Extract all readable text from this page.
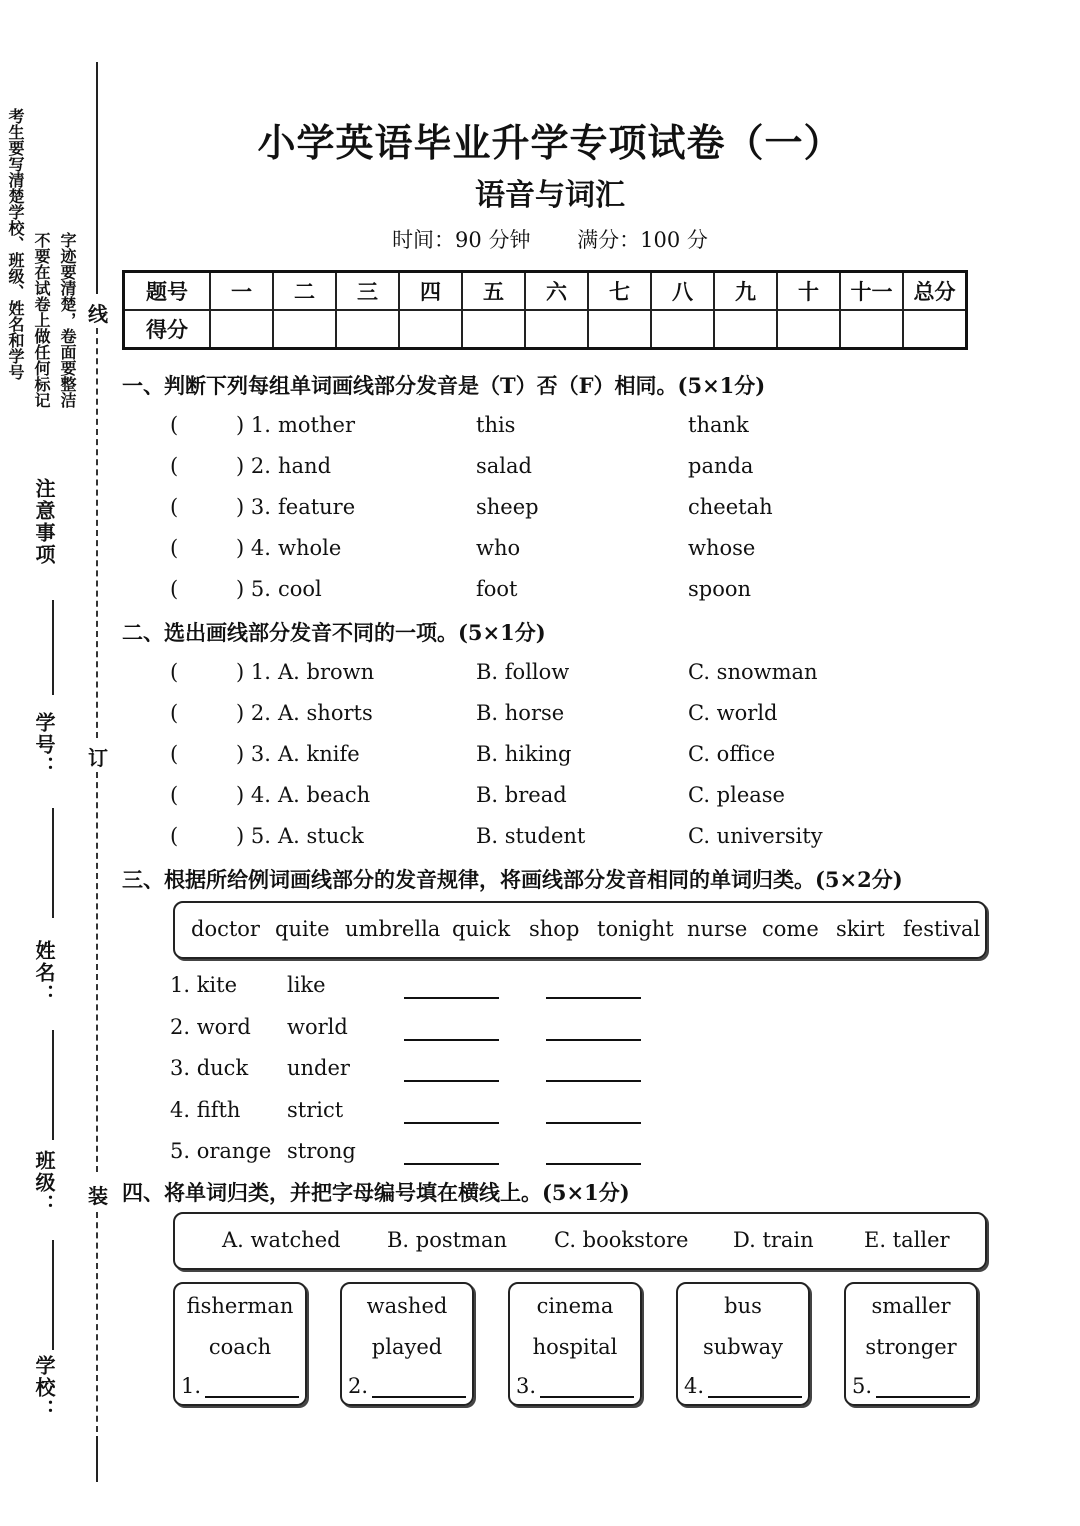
考生要写清楚学校、班级、姓名和学号 不要在试卷上做任何标记 字迹要清楚，卷面要整洁
注意事项
学号：
姓名：
班级：
学校：
线
订
装
小学英语毕业升学专项试卷（一）
语音与词汇
时间：90 分钟 满分：100 分
题号	一	二	三	四	五	六	七	八	九	十	十一	总分
得分												
一、判断下列每组单词画线部分发音是（T）否（F）相同。(5×1分)
(	) 1. mother	this	thank
(	) 2. hand	salad	panda
(	) 3. feature	sheep	cheetah
(	) 4. whole	who	whose
(	) 5. cool	foot	spoon
二、选出画线部分发音不同的一项。(5×1分)
(	) 1. A. brown	B. follow	C. snowman
(	) 2. A. shorts	B. horse	C. world
(	) 3. A. knife	B. hiking	C. office
(	) 4. A. beach	B. bread	C. please
(	) 5. A. stuck	B. student	C. university
三、根据所给例词画线部分的发音规律，将画线部分发音相同的单词归类。(5×2分)
doctor quite umbrella quick shop tonight nurse come skirt festival
1. kite like
2. word world
3. duck under
4. fifth strict
5. orange strong
四、将单词归类，并把字母编号填在横线上。(5×1分)
A. watched B. postman C. bookstore D. train E. taller
fisherman
coach
1.
washed
played
2.
cinema
hospital
3.
bus
subway
4.
smaller
stronger
5.
